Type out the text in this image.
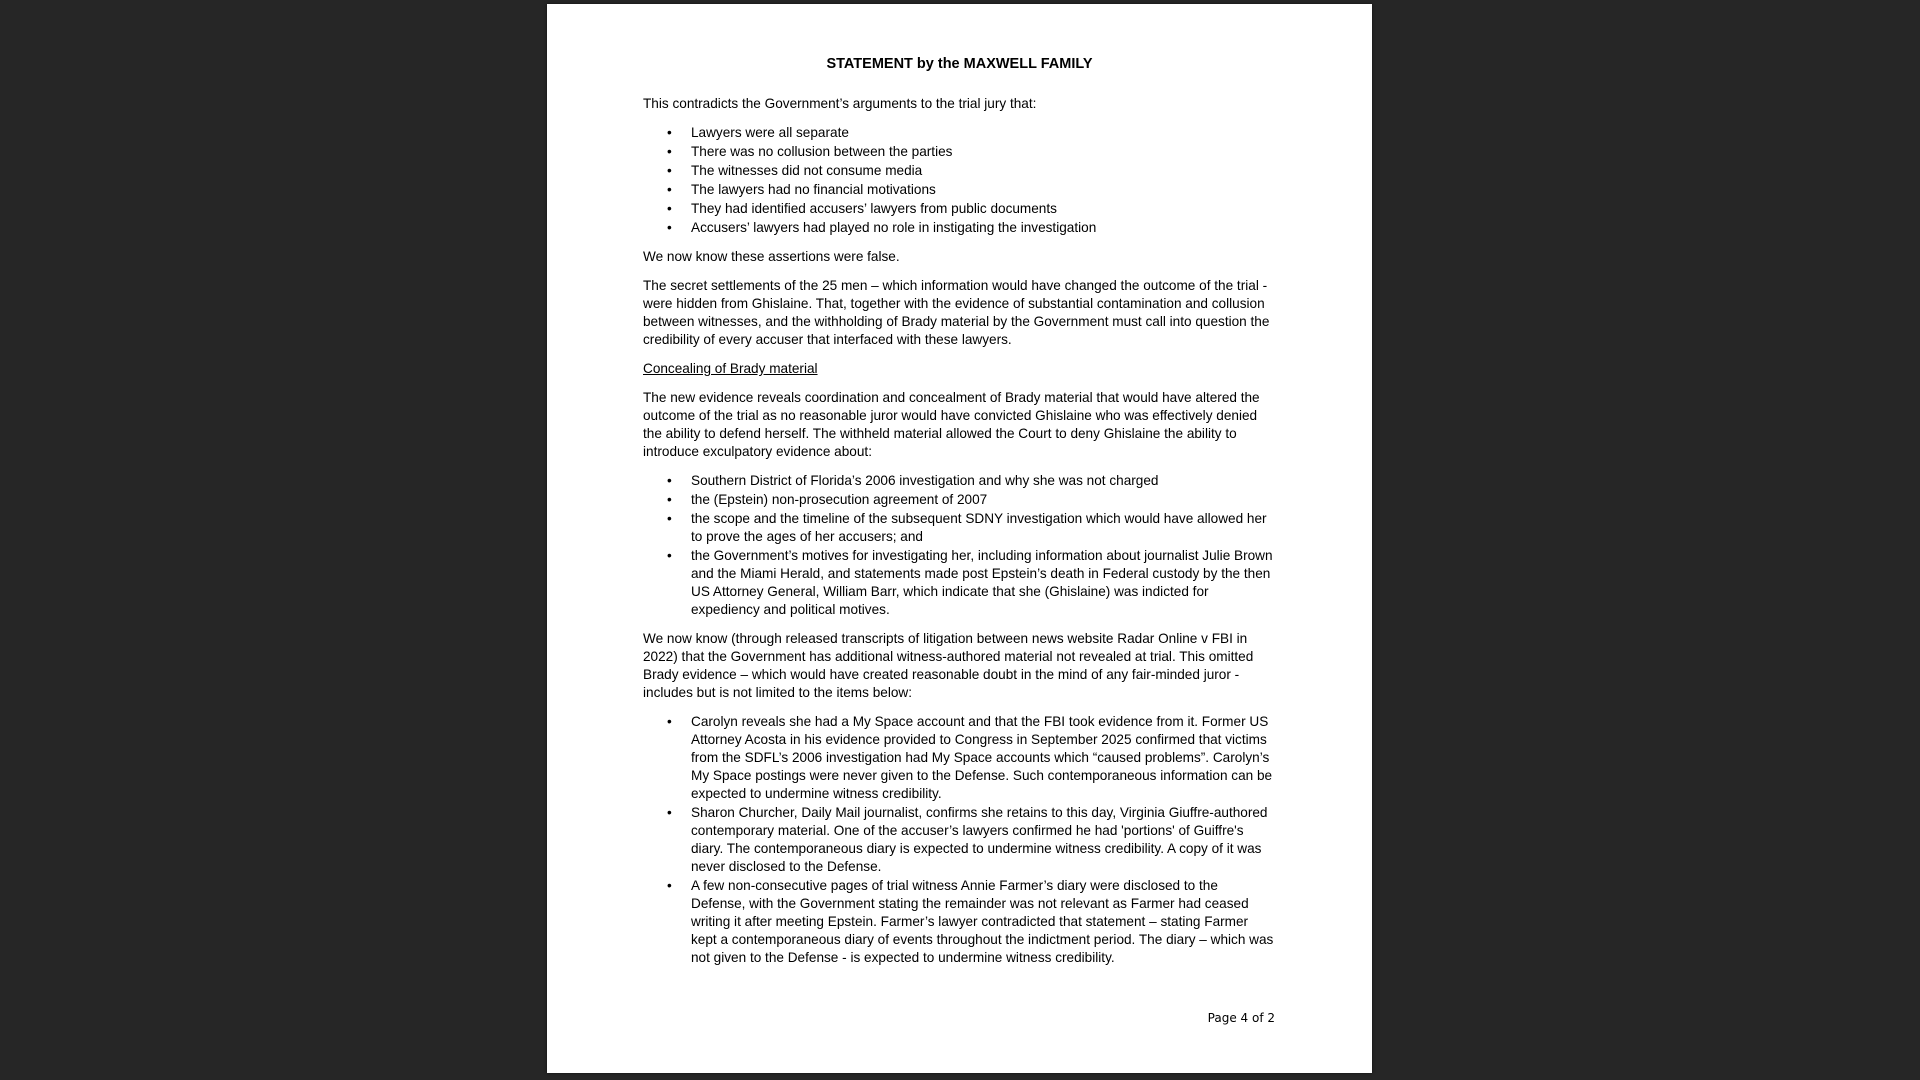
STATEMENT by the MAXWELL FAMILY

This contradicts the Government’s arguments to the trial jury that:

• Lawyers were all separate
• There was no collusion between the parties
• The witnesses did not consume media
• The lawyers had no financial motivations
• They had identified accusers’ lawyers from public documents
• Accusers’ lawyers had played no role in instigating the investigation

We now know these assertions were false.

The secret settlements of the 25 men – which information would have changed the outcome of the trial - were hidden from Ghislaine. That, together with the evidence of substantial contamination and collusion between witnesses, and the withholding of Brady material by the Government must call into question the credibility of every accuser that interfaced with these lawyers.

Concealing of Brady material

The new evidence reveals coordination and concealment of Brady material that would have altered the outcome of the trial as no reasonable juror would have convicted Ghislaine who was effectively denied the ability to defend herself. The withheld material allowed the Court to deny Ghislaine the ability to introduce exculpatory evidence about:

• Southern District of Florida’s 2006 investigation and why she was not charged
• the (Epstein) non-prosecution agreement of 2007
• the scope and the timeline of the subsequent SDNY investigation which would have allowed her to prove the ages of her accusers; and
• the Government’s motives for investigating her, including information about journalist Julie Brown and the Miami Herald, and statements made post Epstein’s death in Federal custody by the then US Attorney General, William Barr, which indicate that she (Ghislaine) was indicted for expediency and political motives.

We now know (through released transcripts of litigation between news website Radar Online v FBI in 2022) that the Government has additional witness-authored material not revealed at trial. This omitted Brady evidence – which would have created reasonable doubt in the mind of any fair-minded juror - includes but is not limited to the items below:

• Carolyn reveals she had a My Space account and that the FBI took evidence from it. Former US Attorney Acosta in his evidence provided to Congress in September 2025 confirmed that victims from the SDFL’s 2006 investigation had My Space accounts which “caused problems”. Carolyn’s My Space postings were never given to the Defense. Such contemporaneous information can be expected to undermine witness credibility.
• Sharon Churcher, Daily Mail journalist, confirms she retains to this day, Virginia Giuffre-authored contemporary material. One of the accuser’s lawyers confirmed he had 'portions' of Guiffre's diary. The contemporaneous diary is expected to undermine witness credibility. A copy of it was never disclosed to the Defense.
• A few non-consecutive pages of trial witness Annie Farmer’s diary were disclosed to the Defense, with the Government stating the remainder was not relevant as Farmer had ceased writing it after meeting Epstein. Farmer’s lawyer contradicted that statement – stating Farmer kept a contemporaneous diary of events throughout the indictment period. The diary – which was not given to the Defense - is expected to undermine witness credibility.
Page 4 of 2
